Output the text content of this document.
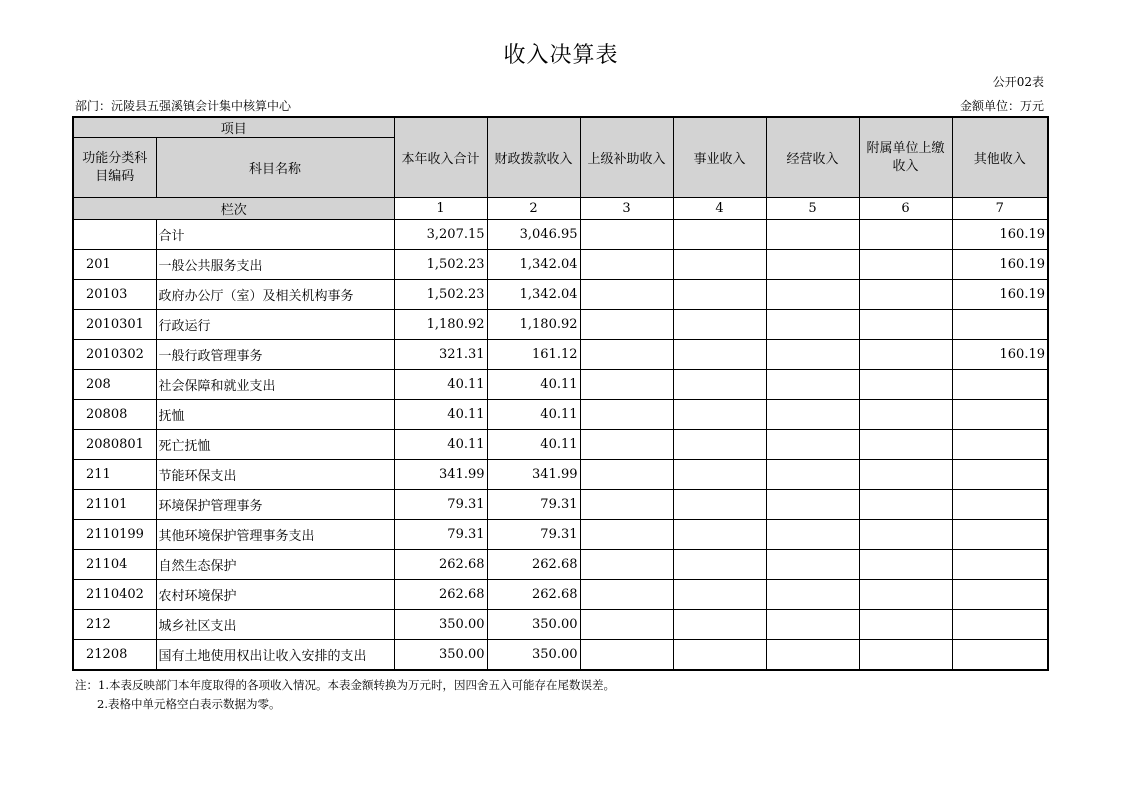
收入决算表
公开02表
部门：沅陵县五强溪镇会计集中核算中心	金额单位：万元
项目		本年收入合计	财政拨款收入	上级补助收入	事业收入	经营收入	附属单位上缴收入	其他收入
功能分类科目编码	科目名称							
栏次		1	2	3	4	5	6	7
	合计	3,207.15	3,046.95					160.19
201	一般公共服务支出	1,502.23	1,342.04					160.19
20103	政府办公厅（室）及相关机构事务	1,502.23	1,342.04					160.19
2010301	行政运行	1,180.92	1,180.92					
2010302	一般行政管理事务	321.31	161.12					160.19
208	社会保障和就业支出	40.11	40.11					
20808	抚恤	40.11	40.11					
2080801	死亡抚恤	40.11	40.11					
211	节能环保支出	341.99	341.99					
21101	环境保护管理事务	79.31	79.31					
2110199	其他环境保护管理事务支出	79.31	79.31					
21104	自然生态保护	262.68	262.68					
2110402	农村环境保护	262.68	262.68					
212	城乡社区支出	350.00	350.00					
21208	国有土地使用权出让收入安排的支出	350.00	350.00					
注：1.本表反映部门本年度取得的各项收入情况。本表金额转换为万元时，因四舍五入可能存在尾数误差。
2.表格中单元格空白表示数据为零。
